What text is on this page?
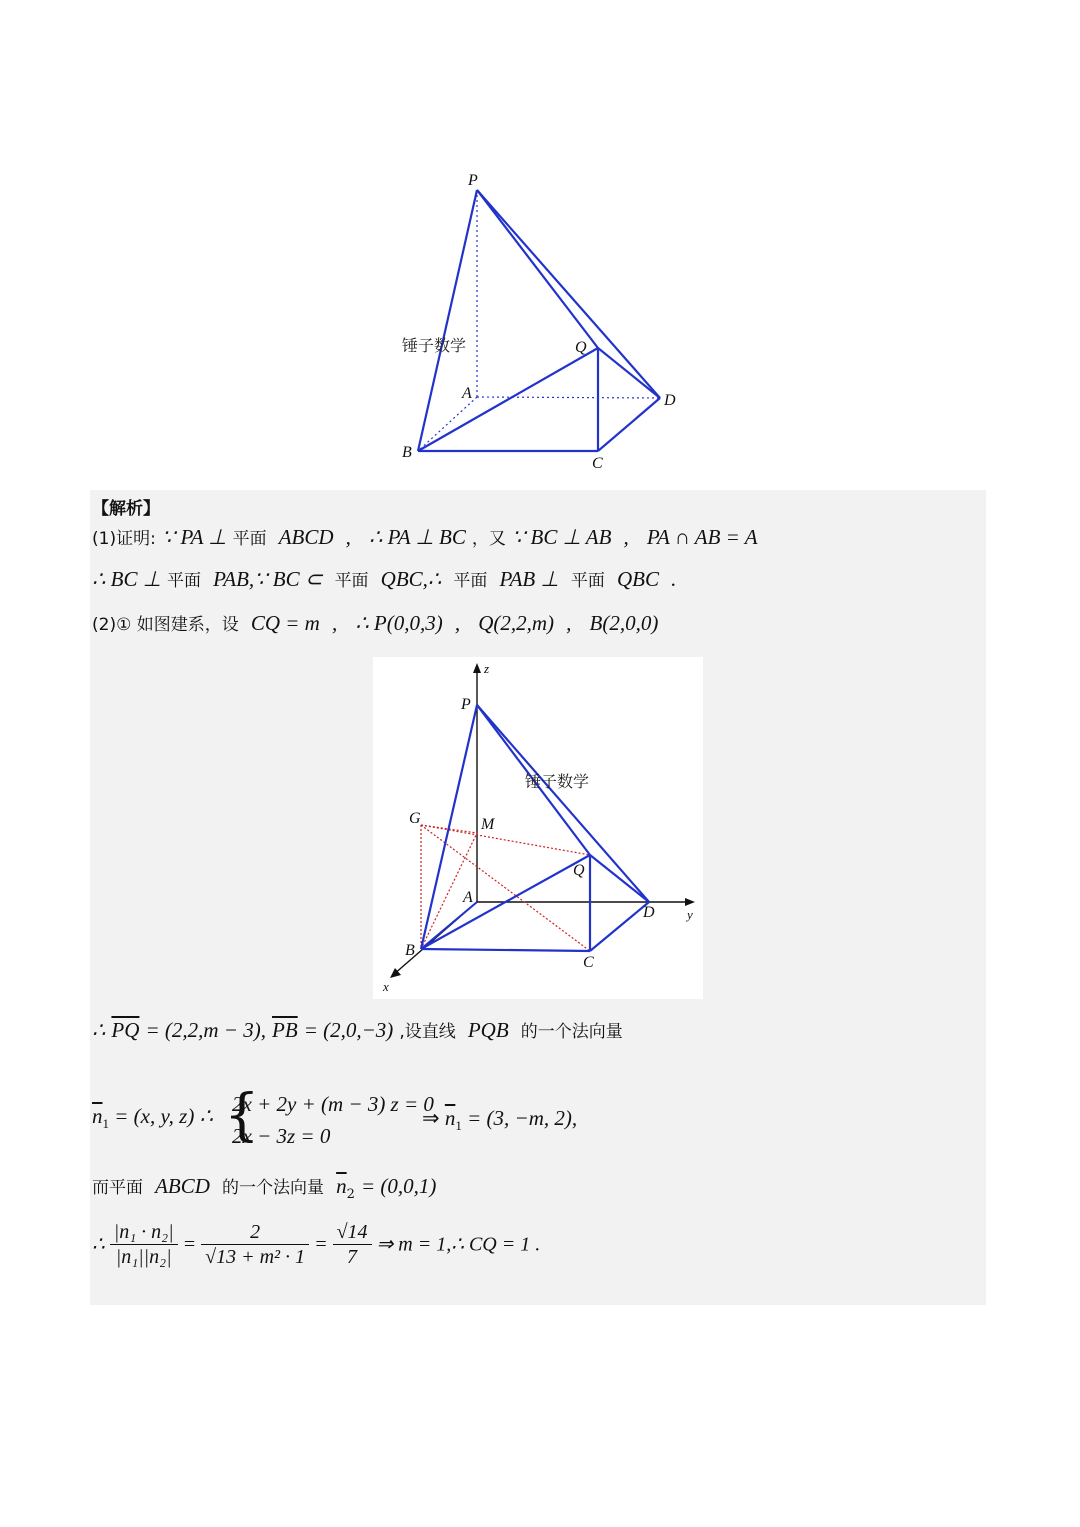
P
Q
A
B
C
D
锤子数学
【解析】
(1)证明: ∵ PA ⊥ 平面 ABCD , ∴ PA ⊥ BC ，又 ∵ BC ⊥ AB , PA ∩ AB = A
∴ BC ⊥ 平面 PAB,∵ BC ⊂ 平面 QBC,∴ 平面 PAB ⊥ 平面 QBC .
(2)① 如图建系，设 CQ = m , ∴ P(0,0,3) , Q(2,2,m) , B(2,0,0)
z
P
M
G
Q
A
D y
B
C
x
锤子数学
∴ $\overline{PQ} = (2,2,m - 3)$, $\overline{PB} = (2,0,-3)$ ,设直线 PQB 的一个法向量
$\overline{n}_1 = (x$, y, z) ∴ {
2x + 2y + (m − 3) z = 0
2x − 3z = 0
⇒ $\overline{n}_1 = (3$, −m, 2),
而平面 ABCD 的一个法向量 $\overline{n}_2 = (0,0,1)$
∴ $\frac{\text{|n₁ · n₂|}}{\text{|n₁||n₂|}} = \frac{2}{\text{√13 + m² · 1}} = \frac{√14}{7}$ ⇒ m = 1,∴ CQ = 1 .
